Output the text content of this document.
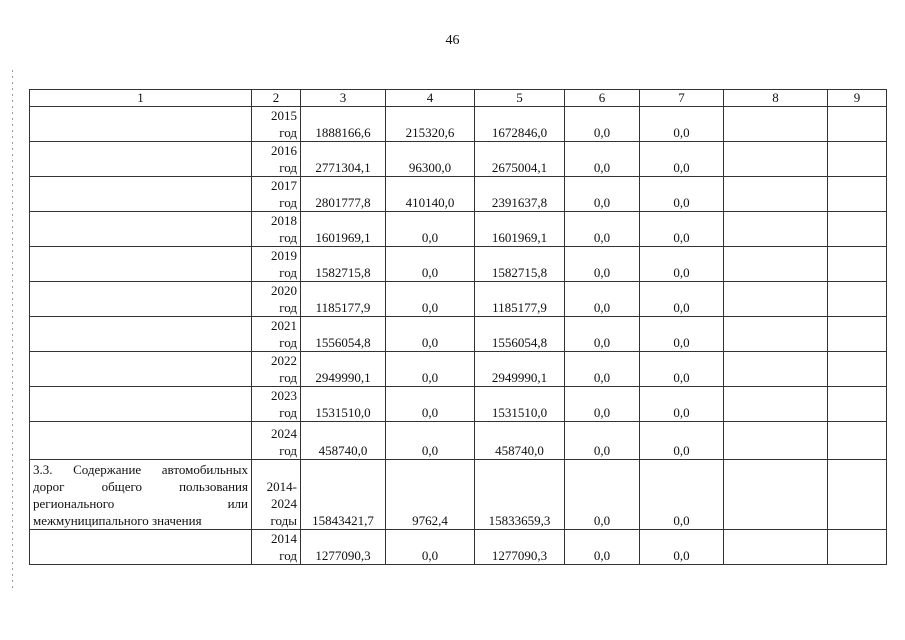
46
1	2	3	4	5	6	7	8	9
	2015 год	1888166,6	215320,6	1672846,0	0,0	0,0		
	2016 год	2771304,1	96300,0	2675004,1	0,0	0,0		
	2017 год	2801777,8	410140,0	2391637,8	0,0	0,0		
	2018 год	1601969,1	0,0	1601969,1	0,0	0,0		
	2019 год	1582715,8	0,0	1582715,8	0,0	0,0		
	2020 год	1185177,9	0,0	1185177,9	0,0	0,0		
	2021 год	1556054,8	0,0	1556054,8	0,0	0,0		
	2022 год	2949990,1	0,0	2949990,1	0,0	0,0		
	2023 год	1531510,0	0,0	1531510,0	0,0	0,0		
	2024 год	458740,0	0,0	458740,0	0,0	0,0		
3.3. Содержание автомобильных дорог общего пользования регионального или межмуниципального значения	2014-2024 годы	15843421,7	9762,4	15833659,3	0,0	0,0		
	2014 год	1277090,3	0,0	1277090,3	0,0	0,0		
